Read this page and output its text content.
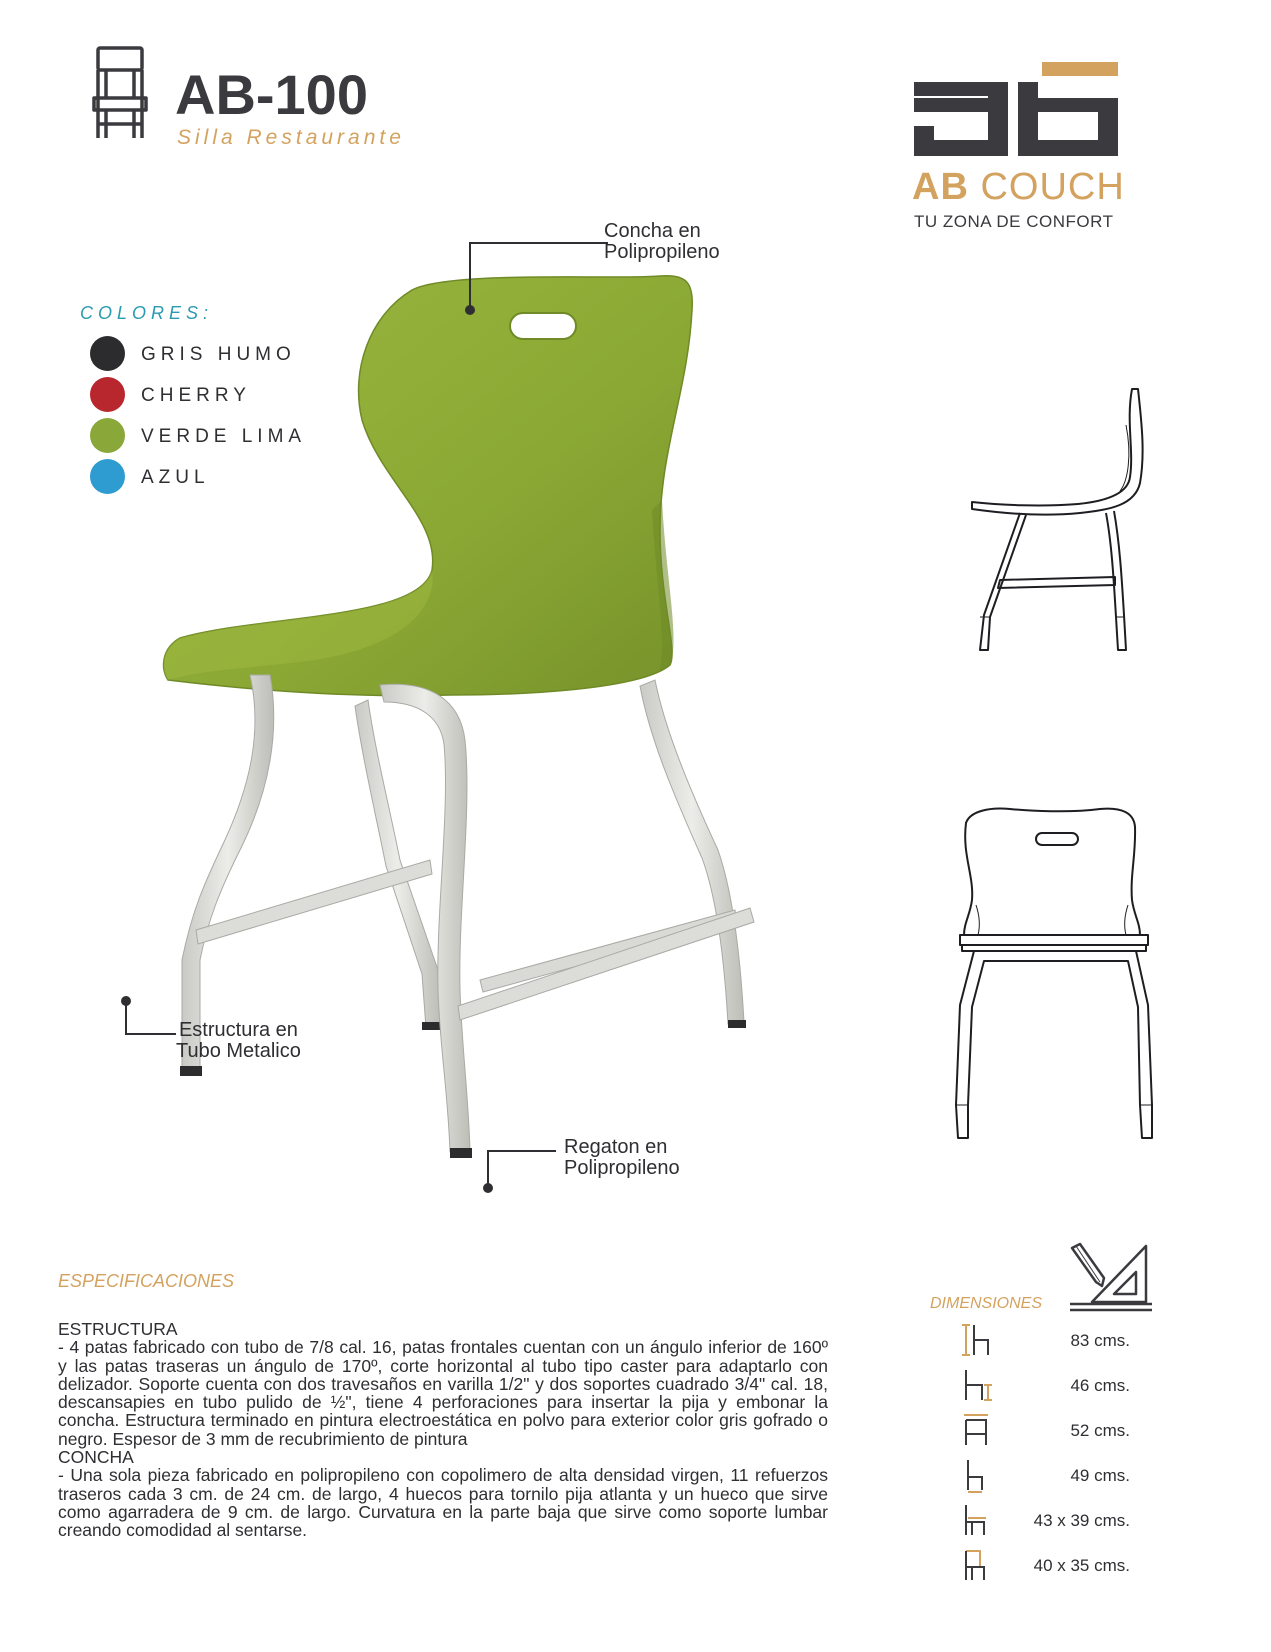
AB-100
Silla Restaurante
AB COUCH
TU ZONA DE CONFORT
COLORES:
GRIS HUMO
CHERRY
VERDE LIMA
AZUL
Concha en
Polipropileno
Estructura en
Tubo Metalico
Regaton en
Polipropileno
ESPECIFICACIONES

ESTRUCTURA

- 4 patas fabricado con tubo de 7/8 cal. 16, patas frontales cuentan con un ángulo inferior de 160º y las patas traseras un ángulo de 170º, corte horizontal al tubo tipo caster para adaptarlo con delizador. Soporte cuenta con dos travesaños en varilla 1/2" y dos soportes cuadrado 3/4" cal. 18, descansapies en tubo pulido de ½", tiene 4 perforaciones para insertar la pija y embonar la concha. Estructura terminado en pintura electroestática en polvo para exterior color gris gofrado o negro. Espesor de 3 mm de recubrimiento de pintura

CONCHA

- Una sola pieza fabricado en polipropileno con copolimero de alta densidad virgen, 11 refuerzos traseros cada 3 cm. de 24 cm. de largo, 4 huecos para tornilo pija atlanta y un hueco que sirve como agarradera de 9 cm. de largo. Curvatura en la parte baja que sirve como soporte lumbar creando comodidad al sentarse.

DIMENSIONES
83 cms.
46 cms.
52 cms.
49 cms.
43 x 39 cms.
40 x 35 cms.
